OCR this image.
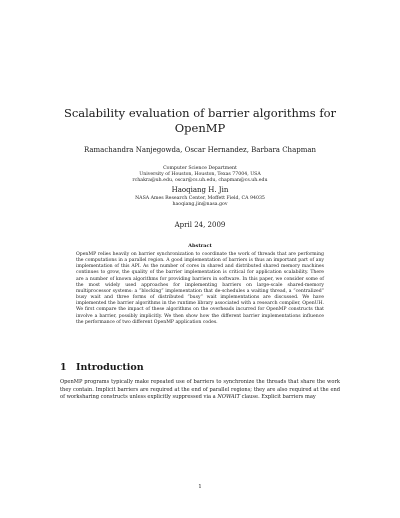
Scalability evaluation of barrier algorithms for OpenMP
Ramachandra Nanjegowda, Oscar Hernandez, Barbara Chapman
Computer Science Department
University of Houston, Houston, Texas 77004, USA
rchakra@uh.edu, oscar@cs.uh.edu, chapman@cs.uh.edu
Haoqiang H. Jin
NASA Ames Research Center, Moffett Field, CA 94035
haoqiang.jin@nasa.gov
April 24, 2009
Abstract
OpenMP relies heavily on barrier synchronization to coordinate the work of threads that are performing the computations in a parallel region. A good implementation of barriers is thus an important part of any implementation of this API. As the number of cores in shared and distributed shared memory machines continues to grow, the quality of the barrier implementation is critical for application scalability. There are a number of known algorithms for providing barriers in software. In this paper, we consider some of the most widely used approaches for implementing barriers on large-scale shared-memory multiprocessor systems: a “blocking” implementation that de-schedules a waiting thread, a “centralized” busy wait and three forms of distributed “busy” wait implementations are discussed. We have implemented the barrier algorithms in the runtime library associated with a research compiler, OpenUH. We first compare the impact of these algorithms on the overheads incurred for OpenMP constructs that involve a barrier, possibly implicitly. We then show how the different barrier implementations influence the performance of two different OpenMP application codes.
1 Introduction
OpenMP programs typically make repeated use of barriers to synchronize the threads that share the work they contain. Implicit barriers are required at the end of parallel regions; they are also required at the end of worksharing constructs unless explicitly suppressed via a NOWAIT clause. Explicit barriers may
1
